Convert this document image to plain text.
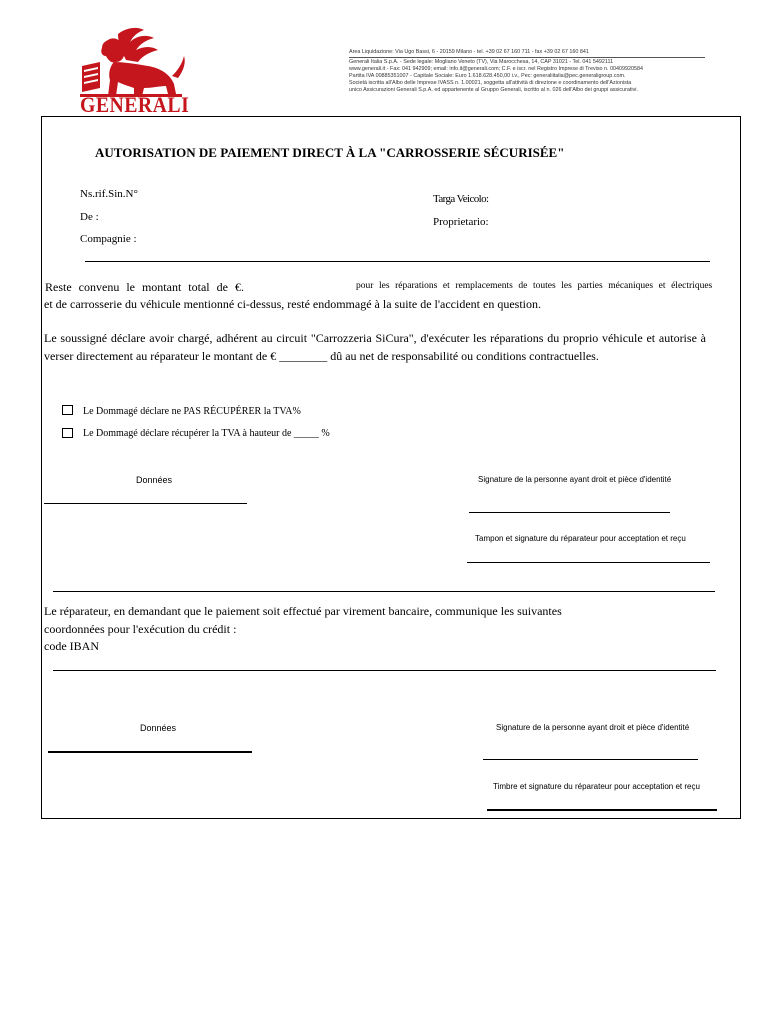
GENERALI
Area Liquidazione: Via Ugo Bassi, 6 - 20159 Milano - tel. +39 02 67 160 711 - fax +39 02 67 160 841
Generali Italia S.p.A. - Sede legale: Mogliano Veneto (TV), Via Marocchesa, 14, CAP 31021 - Tel. 041 5492111
www.generali.it - Fax: 041 942909; email: info.it@generali.com; C.F. e iscr. nel Registro Imprese di Treviso n. 00409920584
Partita IVA 00885351007 - Capitale Sociale: Euro 1.618.628.450,00 i.v., Pec: generaliitalia@pec.generaligroup.com.
Società iscritta all'Albo delle Imprese IVASS n. 1.00021, soggetta all'attività di direzione e coordinamento dell'Azionista
unico Assicurazioni Generali S.p.A. ed appartenente al Gruppo Generali, iscritto al n. 026 dell'Albo dei gruppi assicurativi.
AUTORISATION DE PAIEMENT DIRECT À LA "CARROSSERIE SÉCURISÉE"
Ns.rif.Sin.N°
De :
Compagnie :
Targa Veicolo:
Proprietario:
Reste convenu le montant total de €.	pour les réparations et remplacements de toutes les parties mécaniques et électriques
et de carrosserie du véhicule mentionné ci-dessus, resté endommagé à la suite de l'accident en question.
Le soussigné déclare avoir chargé, adhérent au circuit "Carrozzeria SiCura", d'exécuter les réparations du proprio véhicule et autorise à verser directement au réparateur le montant de € ________ dû au net de responsabilité ou conditions contractuelles.
Le Dommagé déclare ne PAS RÉCUPÉRER la TVA%
Le Dommagé déclare récupérer la TVA à hauteur de _____ %
Données	Signature de la personne ayant droit et pièce d'identité
Tampon et signature du réparateur pour acceptation et reçu
Le réparateur, en demandant que le paiement soit effectué par virement bancaire, communique les suivantes
coordonnées pour l'exécution du crédit :
code IBAN
Données	Signature de la personne ayant droit et pièce d'identité
Timbre et signature du réparateur pour acceptation et reçu
